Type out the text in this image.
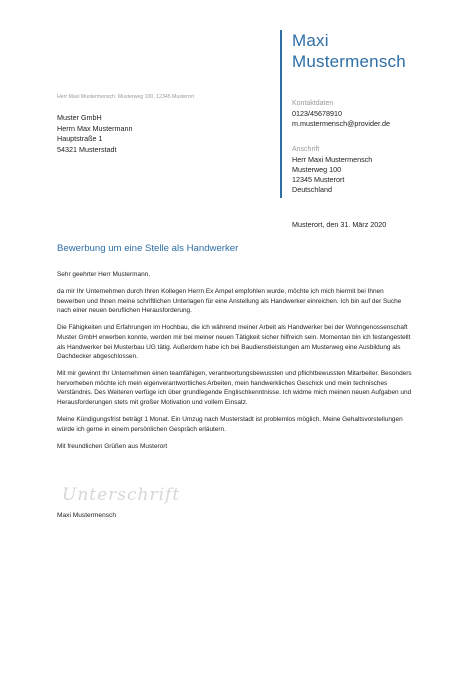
Maxi
Mustermensch
Herr Maxi Mustermensch, Musterweg 100, 12345 Musterort
Muster GmbH
Herrn Max Mustermann
Hauptstraße 1
54321 Musterstadt
Kontaktdaten
0123/45678910
m.mustermensch@provider.de
Anschrift
Herr Maxi Mustermensch
Musterweg 100
12345 Musterort
Deutschland
Musterort, den 31. März 2020
Bewerbung um eine Stelle als Handwerker

Sehr geehrter Herr Mustermann,

da mir Ihr Unternehmen durch Ihren Kollegen Herrn Ex Ampel empfohlen wurde, möchte ich mich hiermit bei Ihnen bewerben und Ihnen meine schriftlichen Unterlagen für eine Anstellung als Handwerker einreichen. Ich bin auf der Suche nach einer neuen beruflichen Herausforderung.

Die Fähigkeiten und Erfahrungen im Hochbau, die ich während meiner Arbeit als Handwerker bei der Wohngenossenschaft Muster GmbH erwerben konnte, werden mir bei meiner neuen Tätigkeit sicher hilfreich sein. Momentan bin ich festangestellt als Handwerker bei Musterbau UG tätig. Außerdem habe ich bei Baudienstleistungen am Musterweg eine Ausbildung als Dachdecker abgeschlossen.

Mit mir gewinnt Ihr Unternehmen einen teamfähigen, verantwortungsbewussten und pflichtbewussten Mitarbeiter. Besonders hervorheben möchte ich mein eigenverantwortliches Arbeiten, mein handwerkliches Geschick und mein technisches Verständnis. Des Weiteren verfüge ich über grundlegende Englischkenntnisse. Ich widme mich meinen neuen Aufgaben und Herausforderungen stets mit großer Motivation und vollem Einsatz.

Meine Kündigungsfrist beträgt 1 Monat. Ein Umzug nach Musterstadt ist problemlos möglich. Meine Gehaltsvorstellungen würde ich gerne in einem persönlichen Gespräch erläutern.

Mit freundlichen Grüßen aus Musterort

Unterschrift
Maxi Mustermensch
